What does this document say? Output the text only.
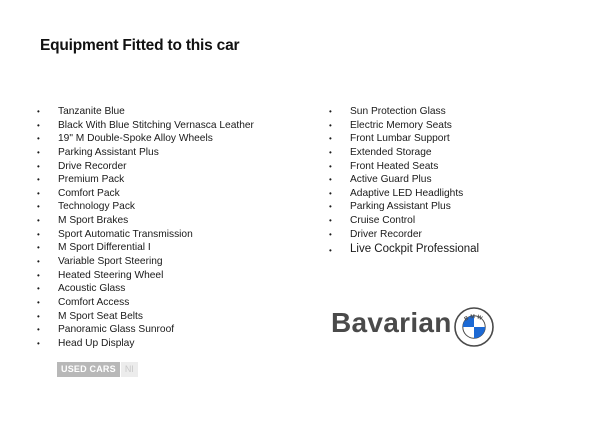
Equipment Fitted to this car
• Tanzanite Blue
• Black With Blue Stitching Vernasca Leather
• 19" M Double-Spoke Alloy Wheels
• Parking Assistant Plus
• Drive Recorder
• Premium Pack
• Comfort Pack
• Technology Pack
• M Sport Brakes
• Sport Automatic Transmission
• M Sport Differential I
• Variable Sport Steering
• Heated Steering Wheel
• Acoustic Glass
• Comfort Access
• M Sport Seat Belts
• Panoramic Glass Sunroof
• Head Up Display
• Sun Protection Glass
• Electric Memory Seats
• Front Lumbar Support
• Extended Storage
• Front Heated Seats
• Active Guard Plus
• Adaptive LED Headlights
• Parking Assistant Plus
• Cruise Control
• Driver Recorder
• Live Cockpit Professional
USED CARS	NI
Bavarian BMW
